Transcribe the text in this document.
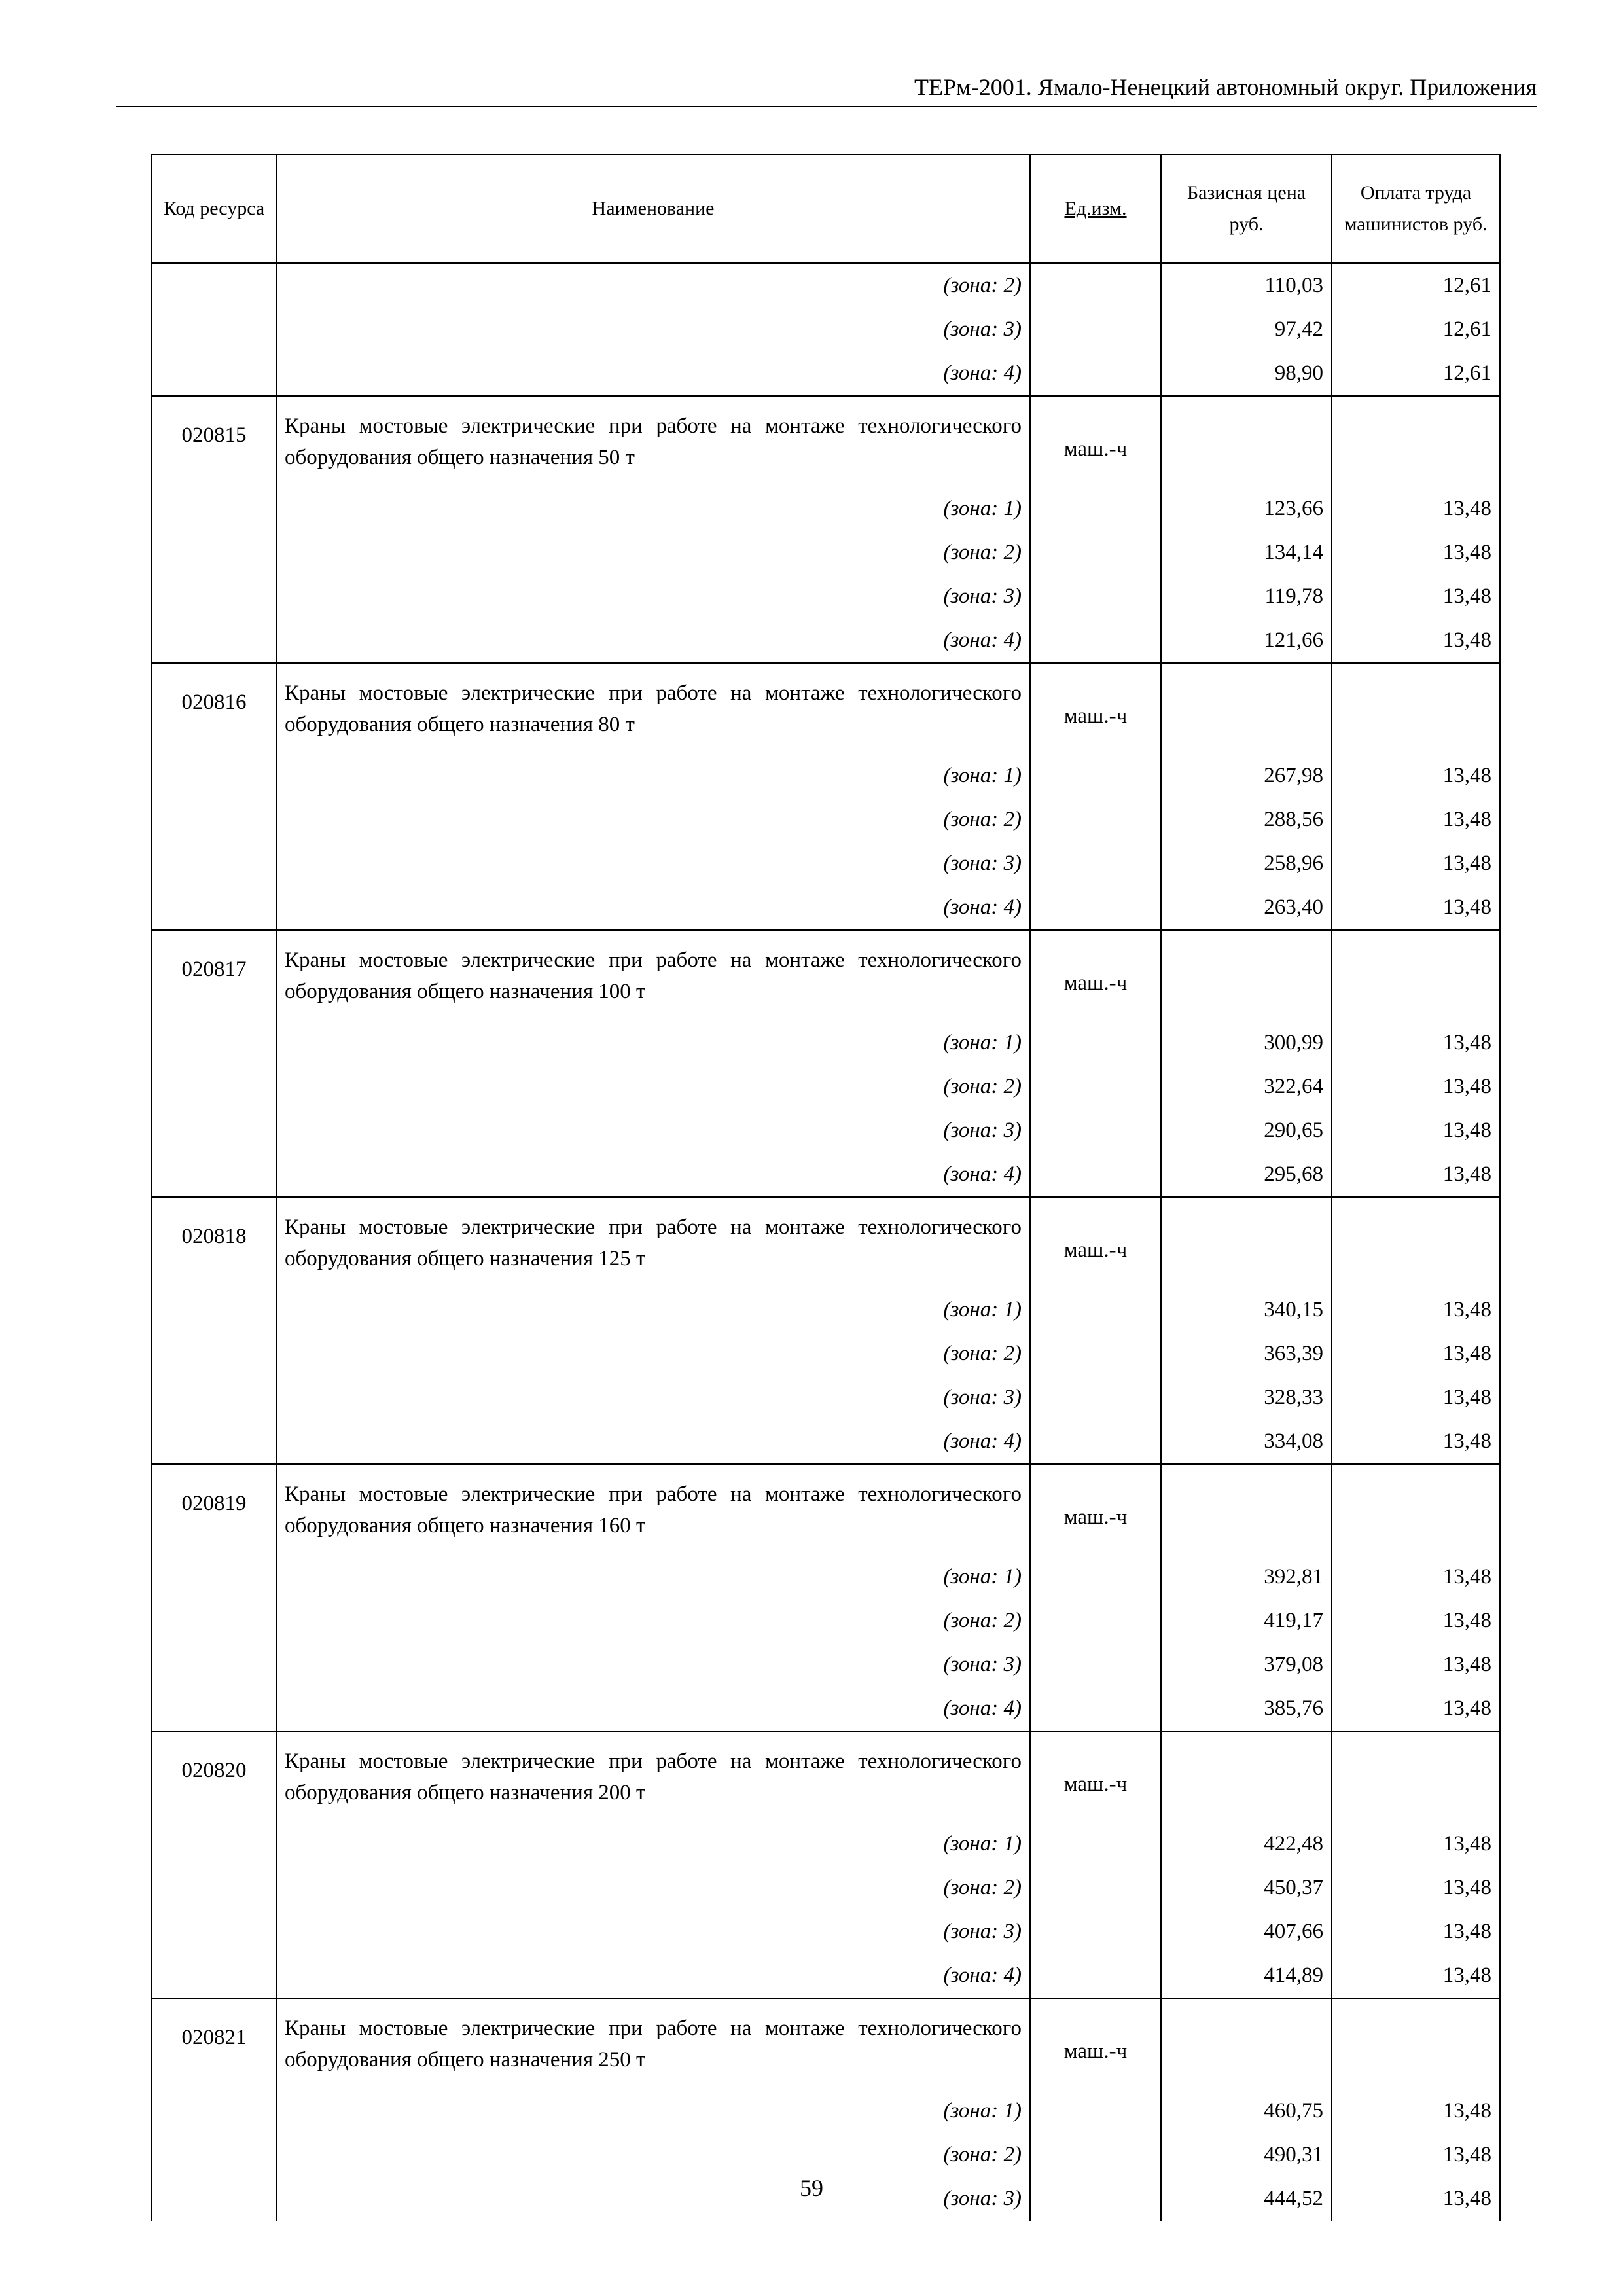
ТЕРм-2001. Ямало-Ненецкий автономный округ. Приложения
Код ресурса	Наименование	Ед.изм.	Базисная цена руб.	Оплата труда машинистов руб.
	(зона: 2)		110,03	12,61
	(зона: 3)		97,42	12,61
	(зона: 4)		98,90	12,61
020815	Краны мостовые электрические при работе на монтаже технологического оборудования общего назначения 50 т	маш.-ч		
	(зона: 1)		123,66	13,48
	(зона: 2)		134,14	13,48
	(зона: 3)		119,78	13,48
	(зона: 4)		121,66	13,48
020816	Краны мостовые электрические при работе на монтаже технологического оборудования общего назначения 80 т	маш.-ч		
	(зона: 1)		267,98	13,48
	(зона: 2)		288,56	13,48
	(зона: 3)		258,96	13,48
	(зона: 4)		263,40	13,48
020817	Краны мостовые электрические при работе на монтаже технологического оборудования общего назначения 100 т	маш.-ч		
	(зона: 1)		300,99	13,48
	(зона: 2)		322,64	13,48
	(зона: 3)		290,65	13,48
	(зона: 4)		295,68	13,48
020818	Краны мостовые электрические при работе на монтаже технологического оборудования общего назначения 125 т	маш.-ч		
	(зона: 1)		340,15	13,48
	(зона: 2)		363,39	13,48
	(зона: 3)		328,33	13,48
	(зона: 4)		334,08	13,48
020819	Краны мостовые электрические при работе на монтаже технологического оборудования общего назначения 160 т	маш.-ч		
	(зона: 1)		392,81	13,48
	(зона: 2)		419,17	13,48
	(зона: 3)		379,08	13,48
	(зона: 4)		385,76	13,48
020820	Краны мостовые электрические при работе на монтаже технологического оборудования общего назначения 200 т	маш.-ч		
	(зона: 1)		422,48	13,48
	(зона: 2)		450,37	13,48
	(зона: 3)		407,66	13,48
	(зона: 4)		414,89	13,48
020821	Краны мостовые электрические при работе на монтаже технологического оборудования общего назначения 250 т	маш.-ч		
	(зона: 1)		460,75	13,48
	(зона: 2)		490,31	13,48
	(зона: 3)		444,52	13,48
59
